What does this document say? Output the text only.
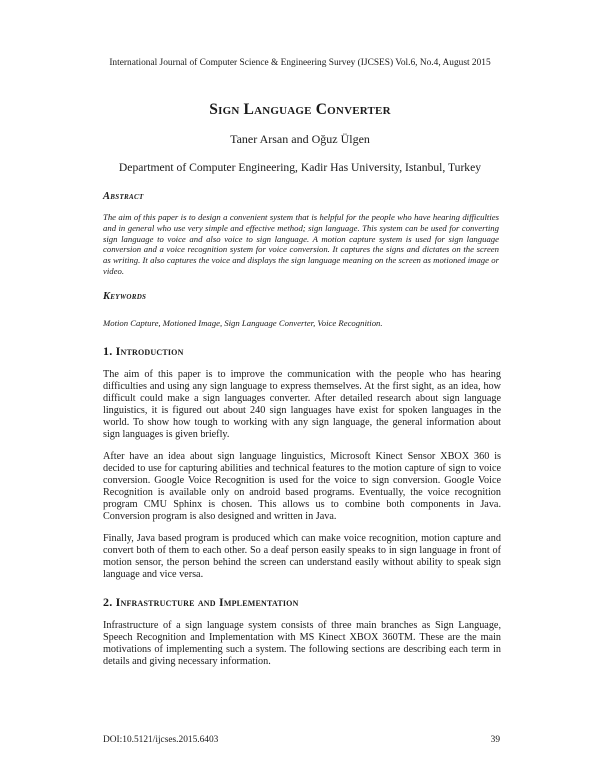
International Journal of Computer Science & Engineering Survey (IJCSES) Vol.6, No.4, August 2015
Sign Language Converter
Taner Arsan and Oğuz Ülgen
Department of Computer Engineering, Kadir Has University, Istanbul, Turkey
Abstract
The aim of this paper is to design a convenient system that is helpful for the people who have hearing difficulties and in general who use very simple and effective method; sign language. This system can be used for converting sign language to voice and also voice to sign language. A motion capture system is used for sign language conversion and a voice recognition system for voice conversion. It captures the signs and dictates on the screen as writing. It also captures the voice and displays the sign language meaning on the screen as motioned image or video.
Keywords
Motion Capture, Motioned Image, Sign Language Converter, Voice Recognition.
1. Introduction
The aim of this paper is to improve the communication with the people who has hearing difficulties and using any sign language to express themselves. At the first sight, as an idea, how difficult could make a sign languages converter. After detailed research about sign language linguistics, it is figured out about 240 sign languages have exist for spoken languages in the world. To show how tough to working with any sign language, the general information about sign languages is given briefly.
After have an idea about sign language linguistics, Microsoft Kinect Sensor XBOX 360 is decided to use for capturing abilities and technical features to the motion capture of sign to voice conversion. Google Voice Recognition is used for the voice to sign conversion. Google Voice Recognition is available only on android based programs. Eventually, the voice recognition program CMU Sphinx is chosen. This allows us to combine both components in Java. Conversion program is also designed and written in Java.
Finally, Java based program is produced which can make voice recognition, motion capture and convert both of them to each other. So a deaf person easily speaks to in sign language in front of motion sensor, the person behind the screen can understand easily without ability to speak sign language and vice versa.
2. Infrastructure and Implementation
Infrastructure of a sign language system consists of three main branches as Sign Language, Speech Recognition and Implementation with MS Kinect XBOX 360TM. These are the main motivations of implementing such a system. The following sections are describing each term in details and giving necessary information.
DOI:10.5121/ijcses.2015.6403	39
